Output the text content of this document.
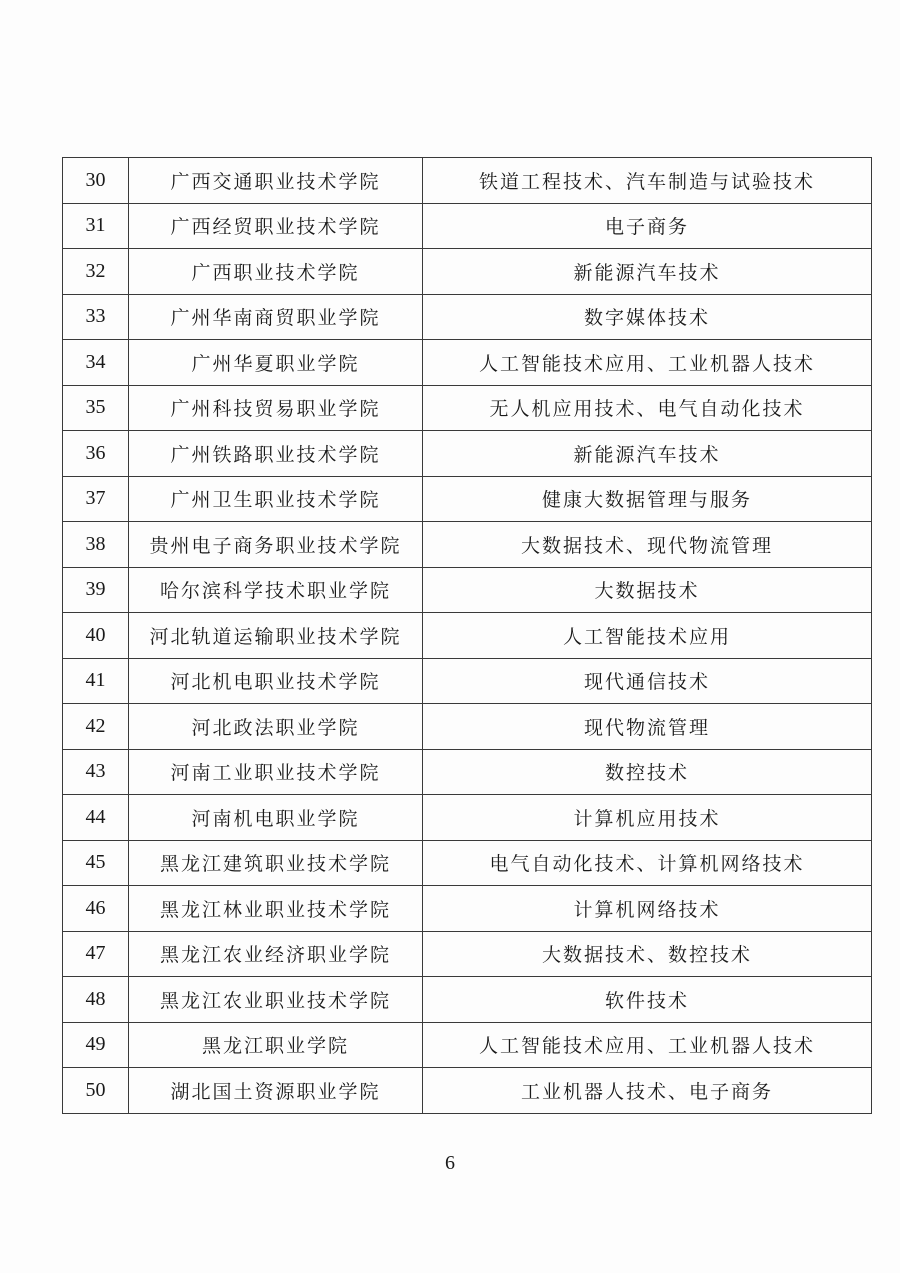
30	广西交通职业技术学院	铁道工程技术、汽车制造与试验技术
31	广西经贸职业技术学院	电子商务
32	广西职业技术学院	新能源汽车技术
33	广州华南商贸职业学院	数字媒体技术
34	广州华夏职业学院	人工智能技术应用、工业机器人技术
35	广州科技贸易职业学院	无人机应用技术、电气自动化技术
36	广州铁路职业技术学院	新能源汽车技术
37	广州卫生职业技术学院	健康大数据管理与服务
38	贵州电子商务职业技术学院	大数据技术、现代物流管理
39	哈尔滨科学技术职业学院	大数据技术
40	河北轨道运输职业技术学院	人工智能技术应用
41	河北机电职业技术学院	现代通信技术
42	河北政法职业学院	现代物流管理
43	河南工业职业技术学院	数控技术
44	河南机电职业学院	计算机应用技术
45	黑龙江建筑职业技术学院	电气自动化技术、计算机网络技术
46	黑龙江林业职业技术学院	计算机网络技术
47	黑龙江农业经济职业学院	大数据技术、数控技术
48	黑龙江农业职业技术学院	软件技术
49	黑龙江职业学院	人工智能技术应用、工业机器人技术
50	湖北国土资源职业学院	工业机器人技术、电子商务
6
